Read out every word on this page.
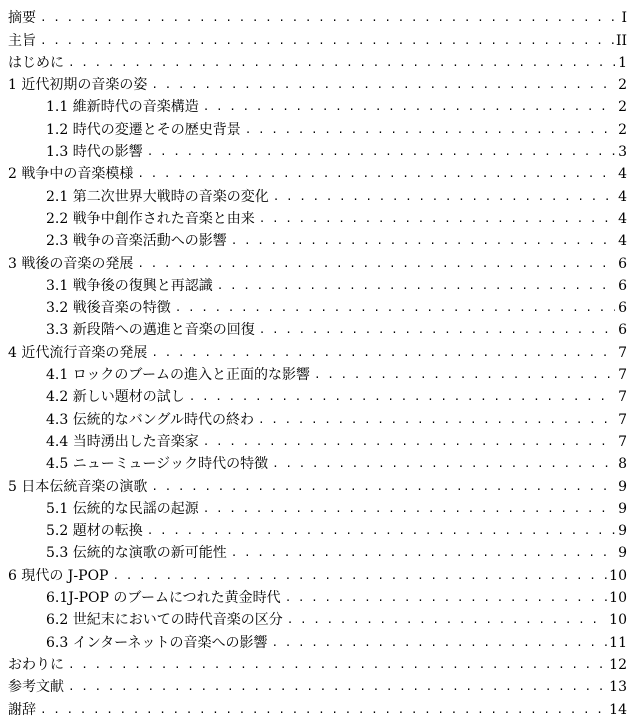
摘要 . . .	I
主旨 . . .	II
はじめに . . .	1
1 近代初期の音楽の姿 . . .	2
1.1 維新時代の音楽構造 . . .	2
1.2 時代の変遷とその歴史背景 . . .	2
1.3 時代の影響 . . .	3
2 戦争中の音楽模様 . . .	4
2.1 第二次世界大戦時の音楽の変化 . . .	4
2.2 戦争中創作された音楽と由来 . . .	4
2.3 戦争の音楽活動への影響 . . .	4
3 戦後の音楽の発展 . . .	6
3.1 戦争後の復興と再認識 . . .	6
3.2 戦後音楽の特徴 . . .	6
3.3 新段階への邁進と音楽の回復 . . .	6
4 近代流行音楽の発展 . . .	7
4.1 ロックのブームの進入と正面的な影響 . . .	7
4.2 新しい題材の試し . . .	7
4.3 伝統的なバングル時代の終わ . . .	7
4.4 当時湧出した音楽家 . . .	7
4.5 ニューミュージック時代の特徴 . . .	8
5 日本伝統音楽の演歌 . . .	9
5.1 伝統的な民謡の起源 . . .	9
5.2 題材の転換 . . .	9
5.3 伝統的な演歌の新可能性 . . .	9
6 現代の J-POP . . .	10
6.1J-POP のブームにつれた黄金時代 . . .	10
6.2 世紀末においての時代音楽の区分 . . .	10
6.3 インターネットの音楽への影響 . . .	11
おわりに . . .	12
参考文献 . . .	13
謝辞 . . .	14
